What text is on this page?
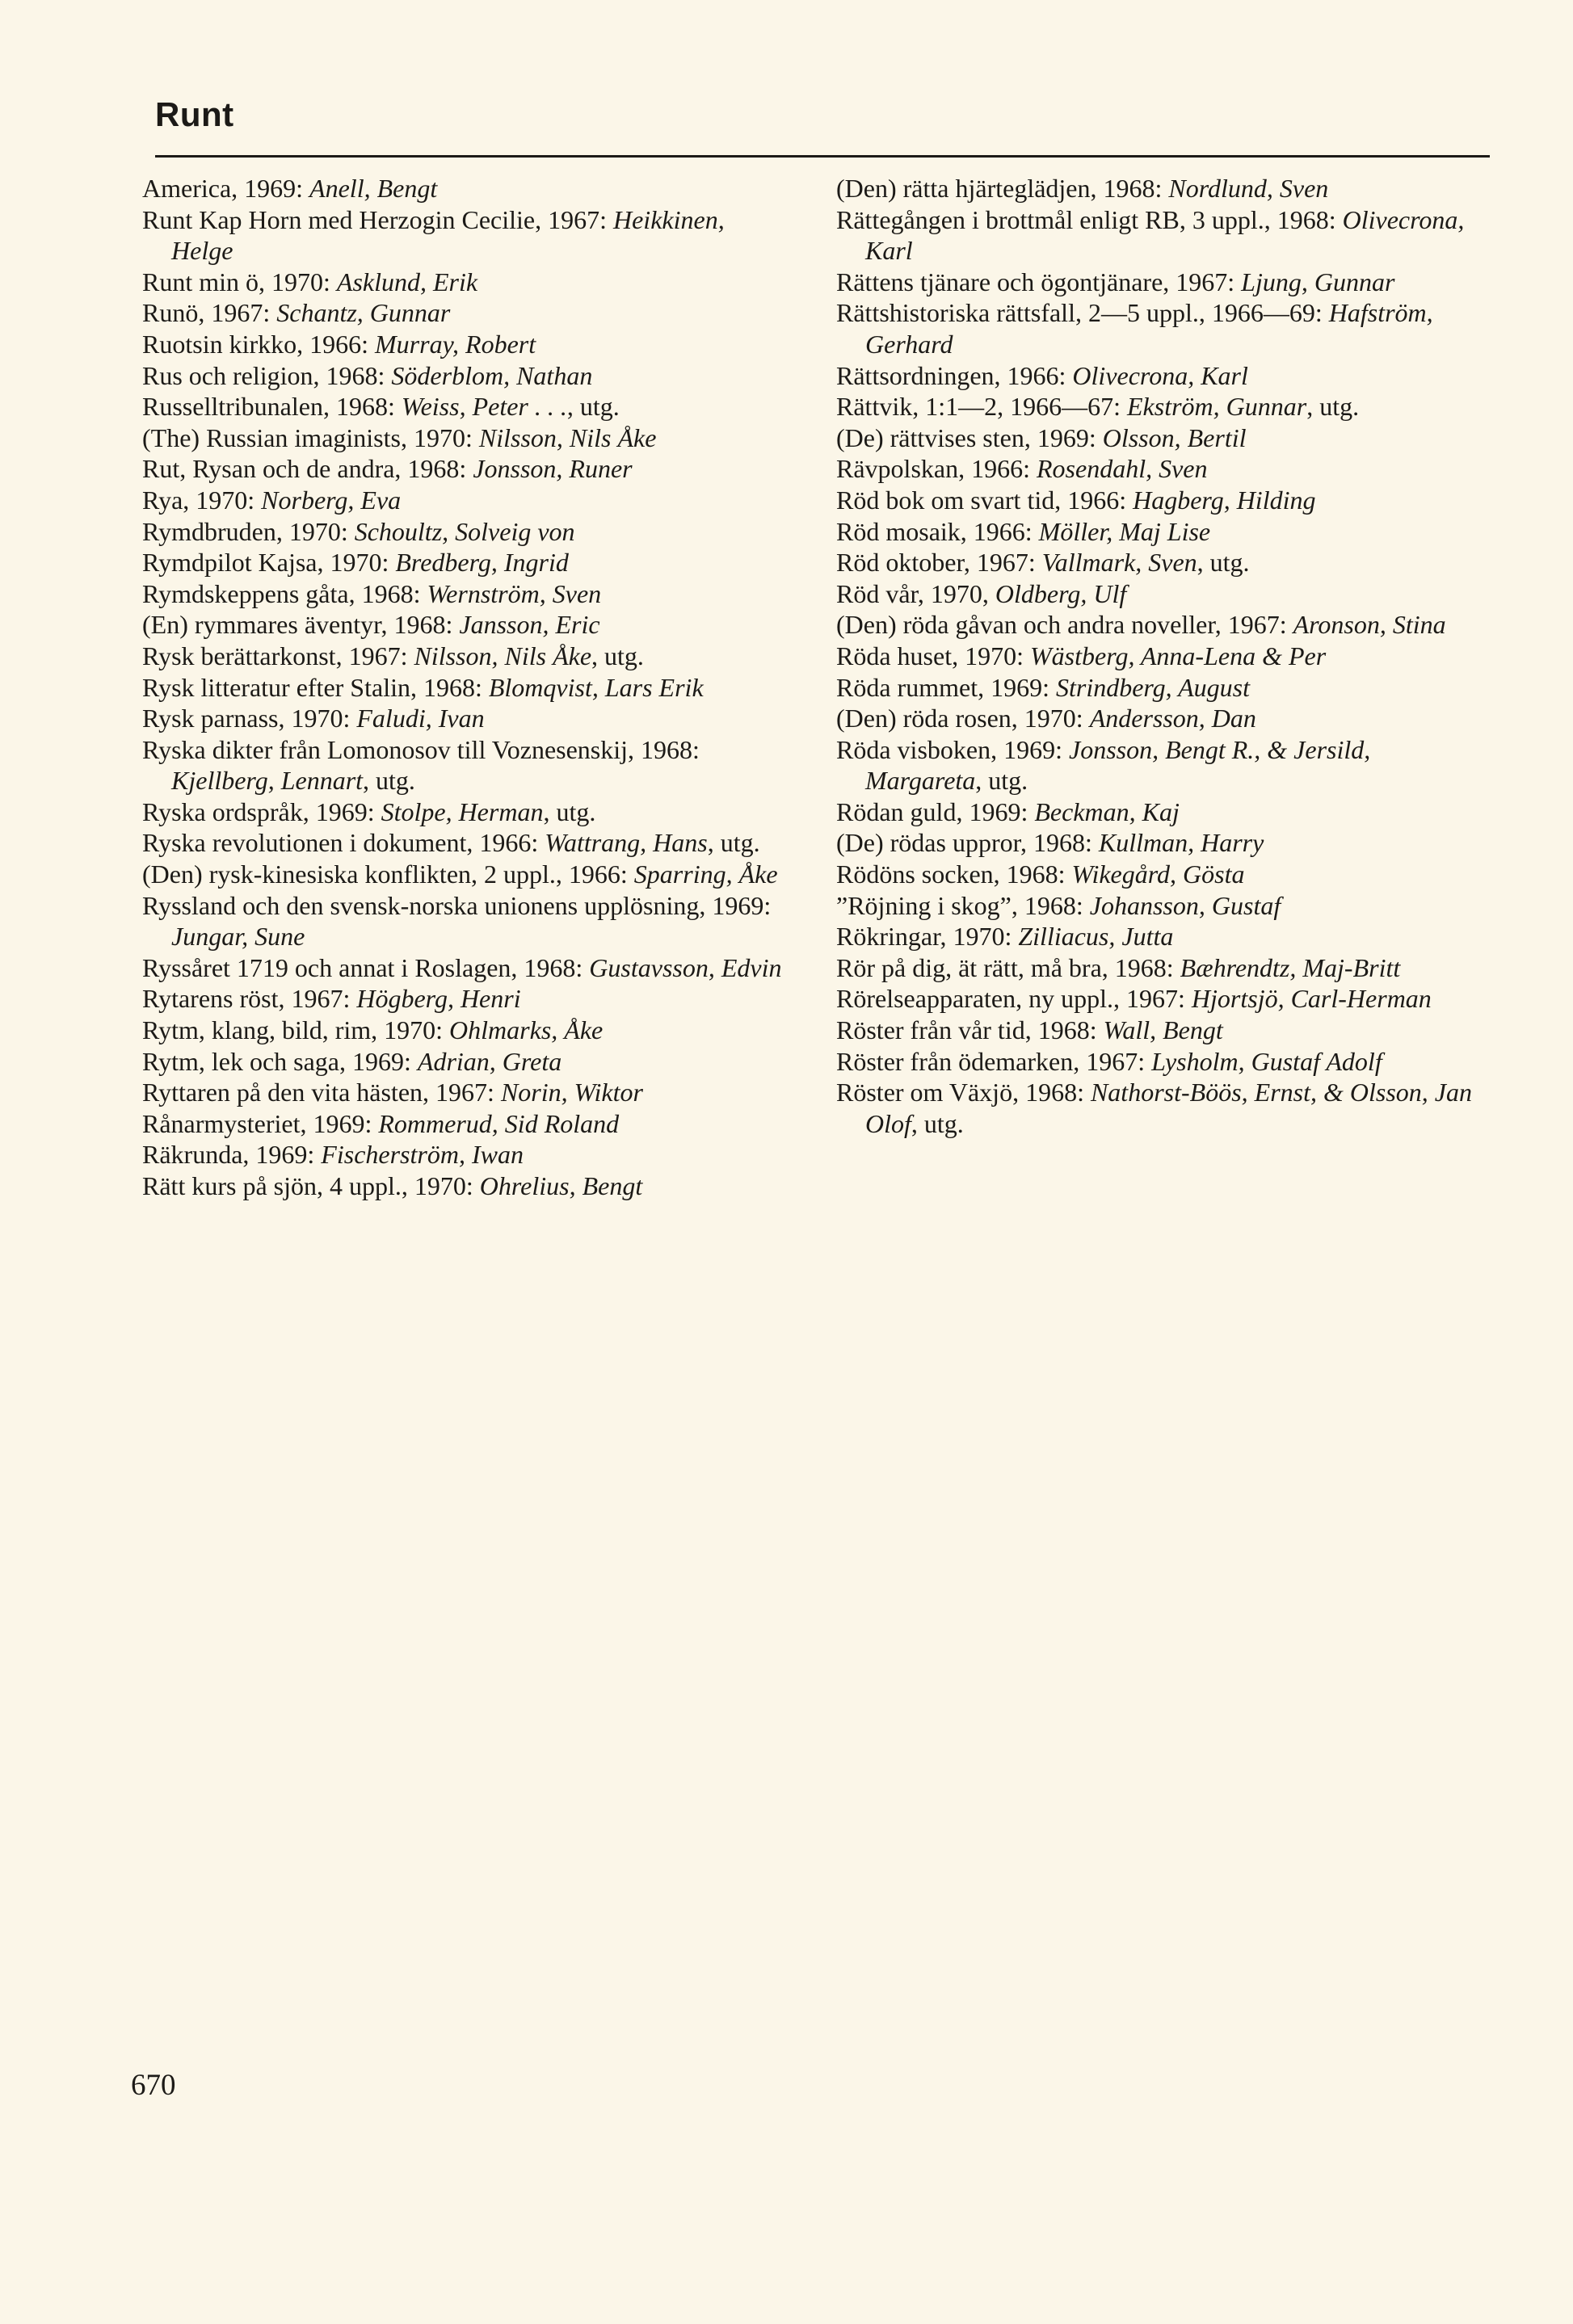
Runt

America, 1969: Anell, Bengt

Runt Kap Horn med Herzogin Cecilie, 1967: Heikkinen, Helge

Runt min ö, 1970: Asklund, Erik

Runö, 1967: Schantz, Gunnar

Ruotsin kirkko, 1966: Murray, Robert

Rus och religion, 1968: Söderblom, Nathan

Russelltribunalen, 1968: Weiss, Peter . . ., utg.

(The) Russian imaginists, 1970: Nilsson, Nils Åke

Rut, Rysan och de andra, 1968: Jonsson, Runer

Rya, 1970: Norberg, Eva

Rymdbruden, 1970: Schoultz, Solveig von

Rymdpilot Kajsa, 1970: Bredberg, Ingrid

Rymdskeppens gåta, 1968: Wernström, Sven

(En) rymmares äventyr, 1968: Jansson, Eric

Rysk berättarkonst, 1967: Nilsson, Nils Åke, utg.

Rysk litteratur efter Stalin, 1968: Blomqvist, Lars Erik

Rysk parnass, 1970: Faludi, Ivan

Ryska dikter från Lomonosov till Voznesenskij, 1968: Kjellberg, Lennart, utg.

Ryska ordspråk, 1969: Stolpe, Herman, utg.

Ryska revolutionen i dokument, 1966: Wattrang, Hans, utg.

(Den) rysk-kinesiska konflikten, 2 uppl., 1966: Sparring, Åke

Ryssland och den svensk-norska unionens upplösning, 1969: Jungar, Sune

Ryssåret 1719 och annat i Roslagen, 1968: Gustavsson, Edvin

Rytarens röst, 1967: Högberg, Henri

Rytm, klang, bild, rim, 1970: Ohlmarks, Åke

Rytm, lek och saga, 1969: Adrian, Greta

Ryttaren på den vita hästen, 1967: Norin, Wiktor

Rånarmysteriet, 1969: Rommerud, Sid Roland

Räkrunda, 1969: Fischerström, Iwan

Rätt kurs på sjön, 4 uppl., 1970: Ohrelius, Bengt

(Den) rätta hjärteglädjen, 1968: Nordlund, Sven

Rättegången i brottmål enligt RB, 3 uppl., 1968: Olivecrona, Karl

Rättens tjänare och ögontjänare, 1967: Ljung, Gunnar

Rättshistoriska rättsfall, 2—5 uppl., 1966—69: Hafström, Gerhard

Rättsordningen, 1966: Olivecrona, Karl

Rättvik, 1:1—2, 1966—67: Ekström, Gunnar, utg.

(De) rättvises sten, 1969: Olsson, Bertil

Rävpolskan, 1966: Rosendahl, Sven

Röd bok om svart tid, 1966: Hagberg, Hilding

Röd mosaik, 1966: Möller, Maj Lise

Röd oktober, 1967: Vallmark, Sven, utg.

Röd vår, 1970, Oldberg, Ulf

(Den) röda gåvan och andra noveller, 1967: Aronson, Stina

Röda huset, 1970: Wästberg, Anna-Lena & Per

Röda rummet, 1969: Strindberg, August

(Den) röda rosen, 1970: Andersson, Dan

Röda visboken, 1969: Jonsson, Bengt R., & Jersild, Margareta, utg.

Rödan guld, 1969: Beckman, Kaj

(De) rödas uppror, 1968: Kullman, Harry

Rödöns socken, 1968: Wikegård, Gösta

”Röjning i skog”, 1968: Johansson, Gustaf

Rökringar, 1970: Zilliacus, Jutta

Rör på dig, ät rätt, må bra, 1968: Bæhrendtz, Maj-Britt

Rörelseapparaten, ny uppl., 1967: Hjortsjö, Carl-Herman

Röster från vår tid, 1968: Wall, Bengt

Röster från ödemarken, 1967: Lysholm, Gustaf Adolf

Röster om Växjö, 1968: Nathorst-Böös, Ernst, & Olsson, Jan Olof, utg.

670
